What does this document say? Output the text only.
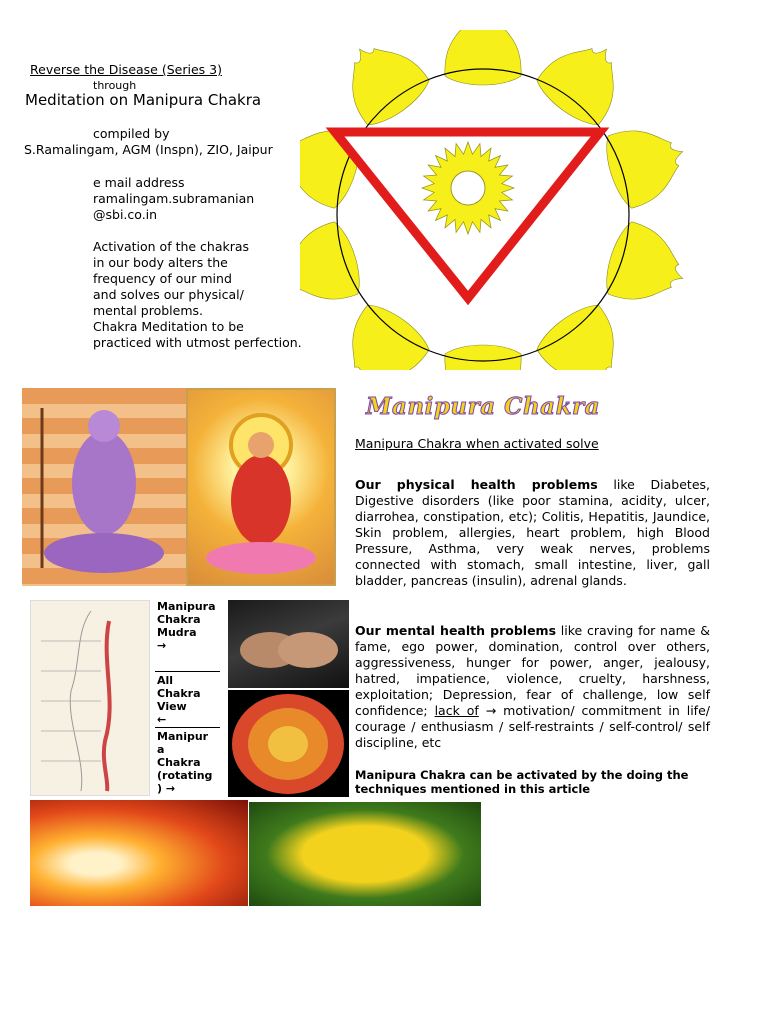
Reverse the Disease (Series 3)
through
Meditation on Manipura Chakra
compiled by
S.Ramalingam, AGM (Inspn), ZIO, Jaipur
e mail address
ramalingam.subramanian
@sbi.co.in
Activation of the chakras
in our body alters the
frequency of our mind
and solves our physical/
mental problems.
Chakra Meditation to be
practiced with utmost perfection.
Manipura
Chakra
Mudra
→
All
Chakra
View
←
Manipur
a
Chakra
(rotating
) →
Manipura Chakra
Manipura Chakra when activated solve
Our physical health problems like Diabetes, Digestive disorders (like poor stamina, acidity, ulcer, diarrohea, constipation, etc); Colitis, Hepatitis, Jaundice, Skin problem, allergies, heart problem, high Blood Pressure, Asthma, very weak nerves, problems connected with stomach, small intestine, liver, gall bladder, pancreas (insulin), adrenal glands.
Our mental health problems like craving for name & fame, ego power, domination, control over others, aggressiveness, hunger for power, anger, jealousy, hatred, impatience, violence, cruelty, harshness, exploitation; Depression, fear of challenge, low self confidence; lack of → motivation/ commitment in life/ courage / enthusiasm / self-restraints / self-control/ self discipline, etc
Manipura Chakra can be activated by the doing the techniques mentioned in this article
